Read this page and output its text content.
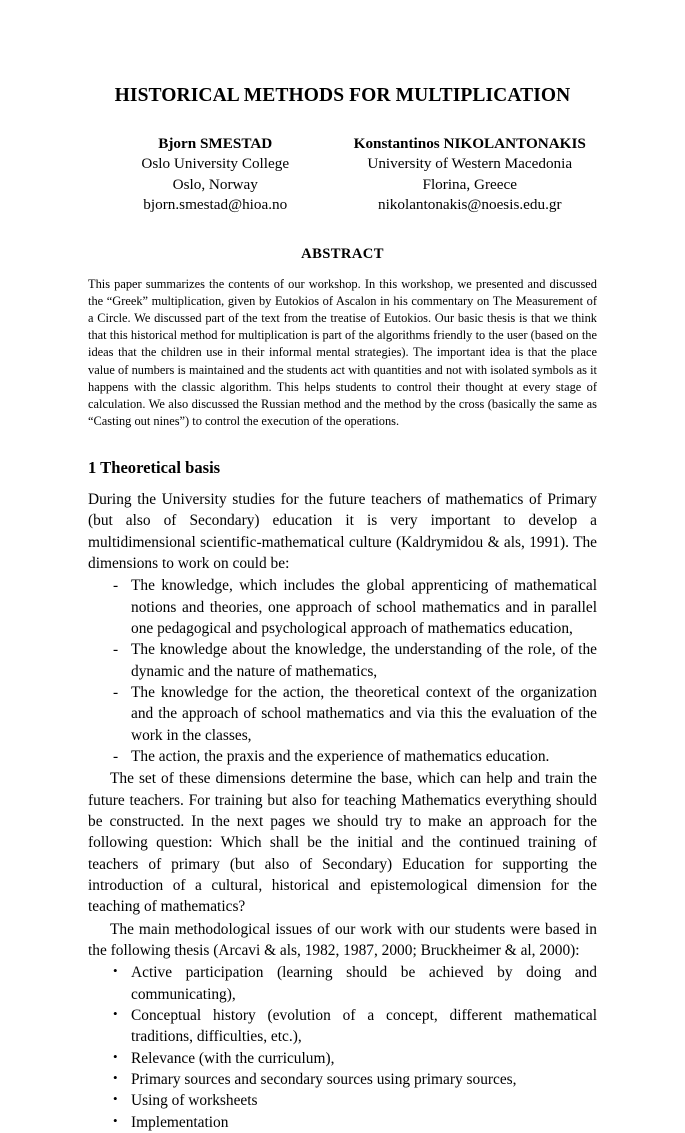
HISTORICAL METHODS FOR MULTIPLICATION
Bjorn SMESTAD
Oslo University College
Oslo, Norway
bjorn.smestad@hioa.no
Konstantinos NIKOLANTONAKIS
University of Western Macedonia
Florina, Greece
nikolantonakis@noesis.edu.gr
ABSTRACT

This paper summarizes the contents of our workshop. In this workshop, we presented and discussed the “Greek” multiplication, given by Eutokios of Ascalon in his commentary on The Measurement of a Circle. We discussed part of the text from the treatise of Eutokios. Our basic thesis is that we think that this historical method for multiplication is part of the algorithms friendly to the user (based on the ideas that the children use in their informal mental strategies). The important idea is that the place value of numbers is maintained and the students act with quantities and not with isolated symbols as it happens with the classic algorithm. This helps students to control their thought at every stage of calculation. We also discussed the Russian method and the method by the cross (basically the same as “Casting out nines”) to control the execution of the operations.

1 Theoretical basis

During the University studies for the future teachers of mathematics of Primary (but also of Secondary) education it is very important to develop a multidimensional scientific-mathematical culture (Kaldrymidou & als, 1991). The dimensions to work on could be:

- The knowledge, which includes the global apprenticing of mathematical notions and theories, one approach of school mathematics and in parallel one pedagogical and psychological approach of mathematics education,
- The knowledge about the knowledge, the understanding of the role, of the dynamic and the nature of mathematics,
- The knowledge for the action, the theoretical context of the organization and the approach of school mathematics and via this the evaluation of the work in the classes,
- The action, the praxis and the experience of mathematics education.

The set of these dimensions determine the base, which can help and train the future teachers. For training but also for teaching Mathematics everything should be constructed. In the next pages we should try to make an approach for the following question: Which shall be the initial and the continued training of teachers of primary (but also of Secondary) Education for supporting the introduction of a cultural, historical and epistemological dimension for the teaching of mathematics?

The main methodological issues of our work with our students were based in the following thesis (Arcavi & als, 1982, 1987, 2000; Bruckheimer & al, 2000):

• Active participation (learning should be achieved by doing and communicating),
• Conceptual history (evolution of a concept, different mathematical traditions, difficulties, etc.),
• Relevance (with the curriculum),
• Primary sources and secondary sources using primary sources,
• Using of worksheets
• Implementation
